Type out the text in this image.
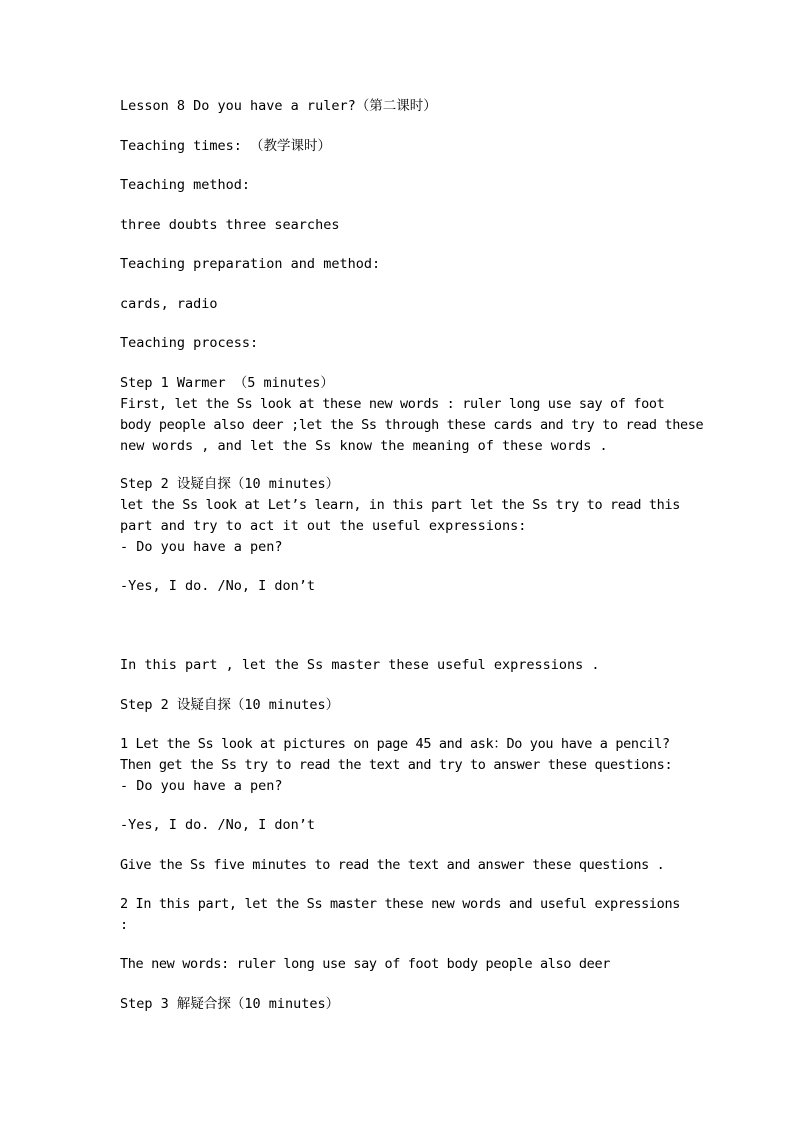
Lesson 8 Do you have a ruler?（第二课时）
Teaching times: （教学课时）
Teaching method:
three doubts three searches
Teaching preparation and method:
cards, radio
Teaching process:
Step 1 Warmer （5 minutes）
First, let the Ss look at these new words : ruler long use say of foot
body people also deer ;let the Ss through these cards and try to read these
new words , and let the Ss know the meaning of these words .
Step 2 设疑自探（10 minutes）
let the Ss look at Let’s learn, in this part let the Ss try to read this
part and try to act it out the useful expressions:
- Do you have a pen?
-Yes, I do. /No, I don’t
In this part , let the Ss master these useful expressions .
Step 2 设疑自探（10 minutes）
1 Let the Ss look at pictures on page 45 and ask：Do you have a pencil?
Then get the Ss try to read the text and try to answer these questions:
- Do you have a pen?
-Yes, I do. /No, I don’t
Give the Ss five minutes to read the text and answer these questions .
2 In this part, let the Ss master these new words and useful expressions
:
The new words: ruler long use say of foot body people also deer
Step 3 解疑合探（10 minutes）
